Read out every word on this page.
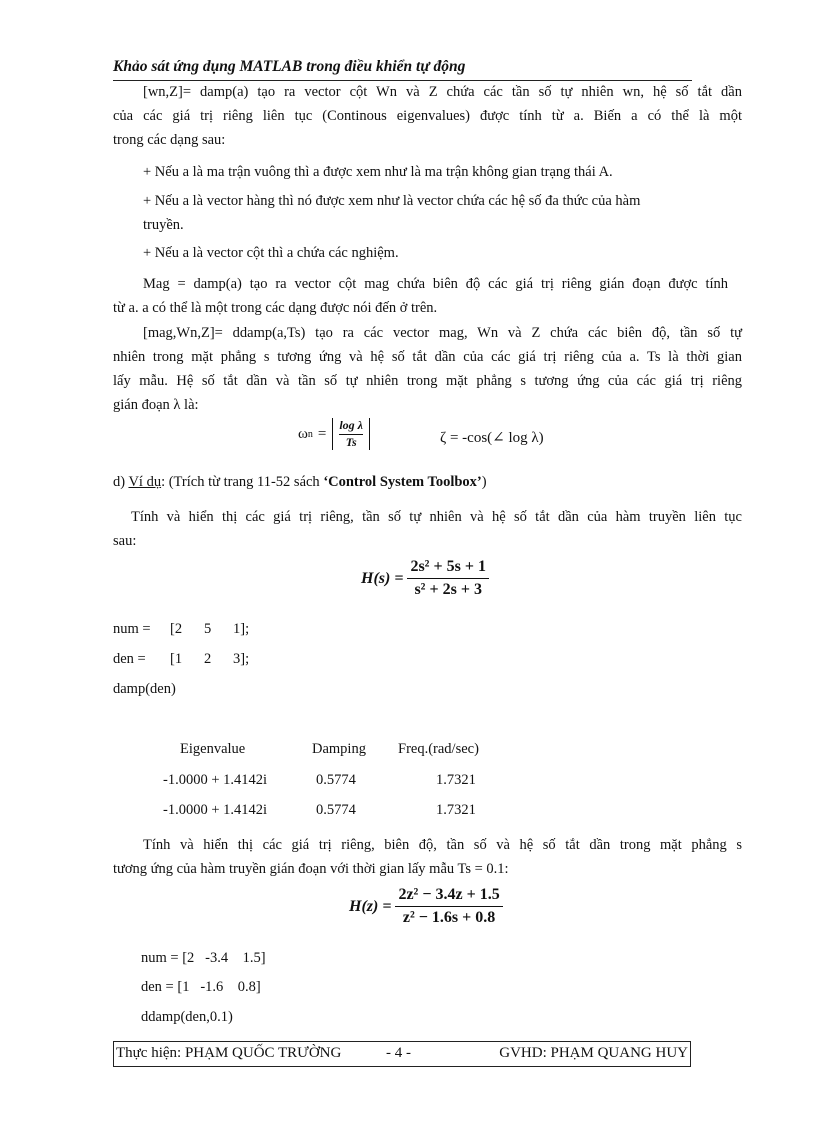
Khảo sát ứng dụng MATLAB trong điều khiển tự động
[wn,Z]= damp(a) tạo ra vector cột Wn và Z chứa các tần số tự nhiên wn, hệ số tắt dần
của các giá trị riêng liên tục (Continous eigenvalues) được tính từ a. Biến a có thể là một
trong các dạng sau:
+ Nếu a là ma trận vuông thì a được xem như là ma trận không gian trạng thái A.
+ Nếu a là vector hàng thì nó được xem như là vector chứa các hệ số đa thức của hàm
truyền.
+ Nếu a là vector cột thì a chứa các nghiệm.
Mag = damp(a) tạo ra vector cột mag chứa biên độ các giá trị riêng gián đoạn được tính
từ a. a có thể là một trong các dạng được nói đến ở trên.
[mag,Wn,Z]= ddamp(a,Ts) tạo ra các vector mag, Wn và Z chứa các biên độ, tần số tự
nhiên trong mặt phẳng s tương ứng và hệ số tắt dần của các giá trị riêng của a. Ts là thời gian
lấy mẫu. Hệ số tắt dần và tần số tự nhiên trong mặt phẳng s tương ứng của các giá trị riêng
gián đoạn λ là:
ω $n = \frac{\text{log λ}}{Ts}$	ζ = -cos(∠ log λ)
d) Ví dụ: (Trích từ trang 11-52 sách ‘Control System Toolbox’)
Tính và hiển thị các giá trị riêng, tần số tự nhiên và hệ số tắt dần của hàm truyền liên tục
sau:
$H(s) = \frac{\text{2s² + 5s + 1}}{\text{s² + 2s + 3}}$
num = [2 5 1];
den = [1 2 3];
damp(den)
Eigenvalue	Damping Freq.(rad/sec)
-1.0000 + 1.4142i	0.5774	1.7321
-1.0000 + 1.4142i	0.5774	1.7321
Tính và hiển thị các giá trị riêng, biên độ, tần số và hệ số tắt dần trong mặt phẳng s
tương ứng của hàm truyền gián đoạn với thời gian lấy mẫu Ts = 0.1:
$H(z) = \frac{\text{2z² − 3.4z + 1.5}}{\text{z² − 1.6s + 0.8}}$
num = [2   -3.4    1.5]
den = [1   -1.6    0.8]
ddamp(den,0.1)
Thực hiện: PHẠM QUỐC TRƯỜNG	- 4 -	GVHD: PHẠM QUANG HUY
